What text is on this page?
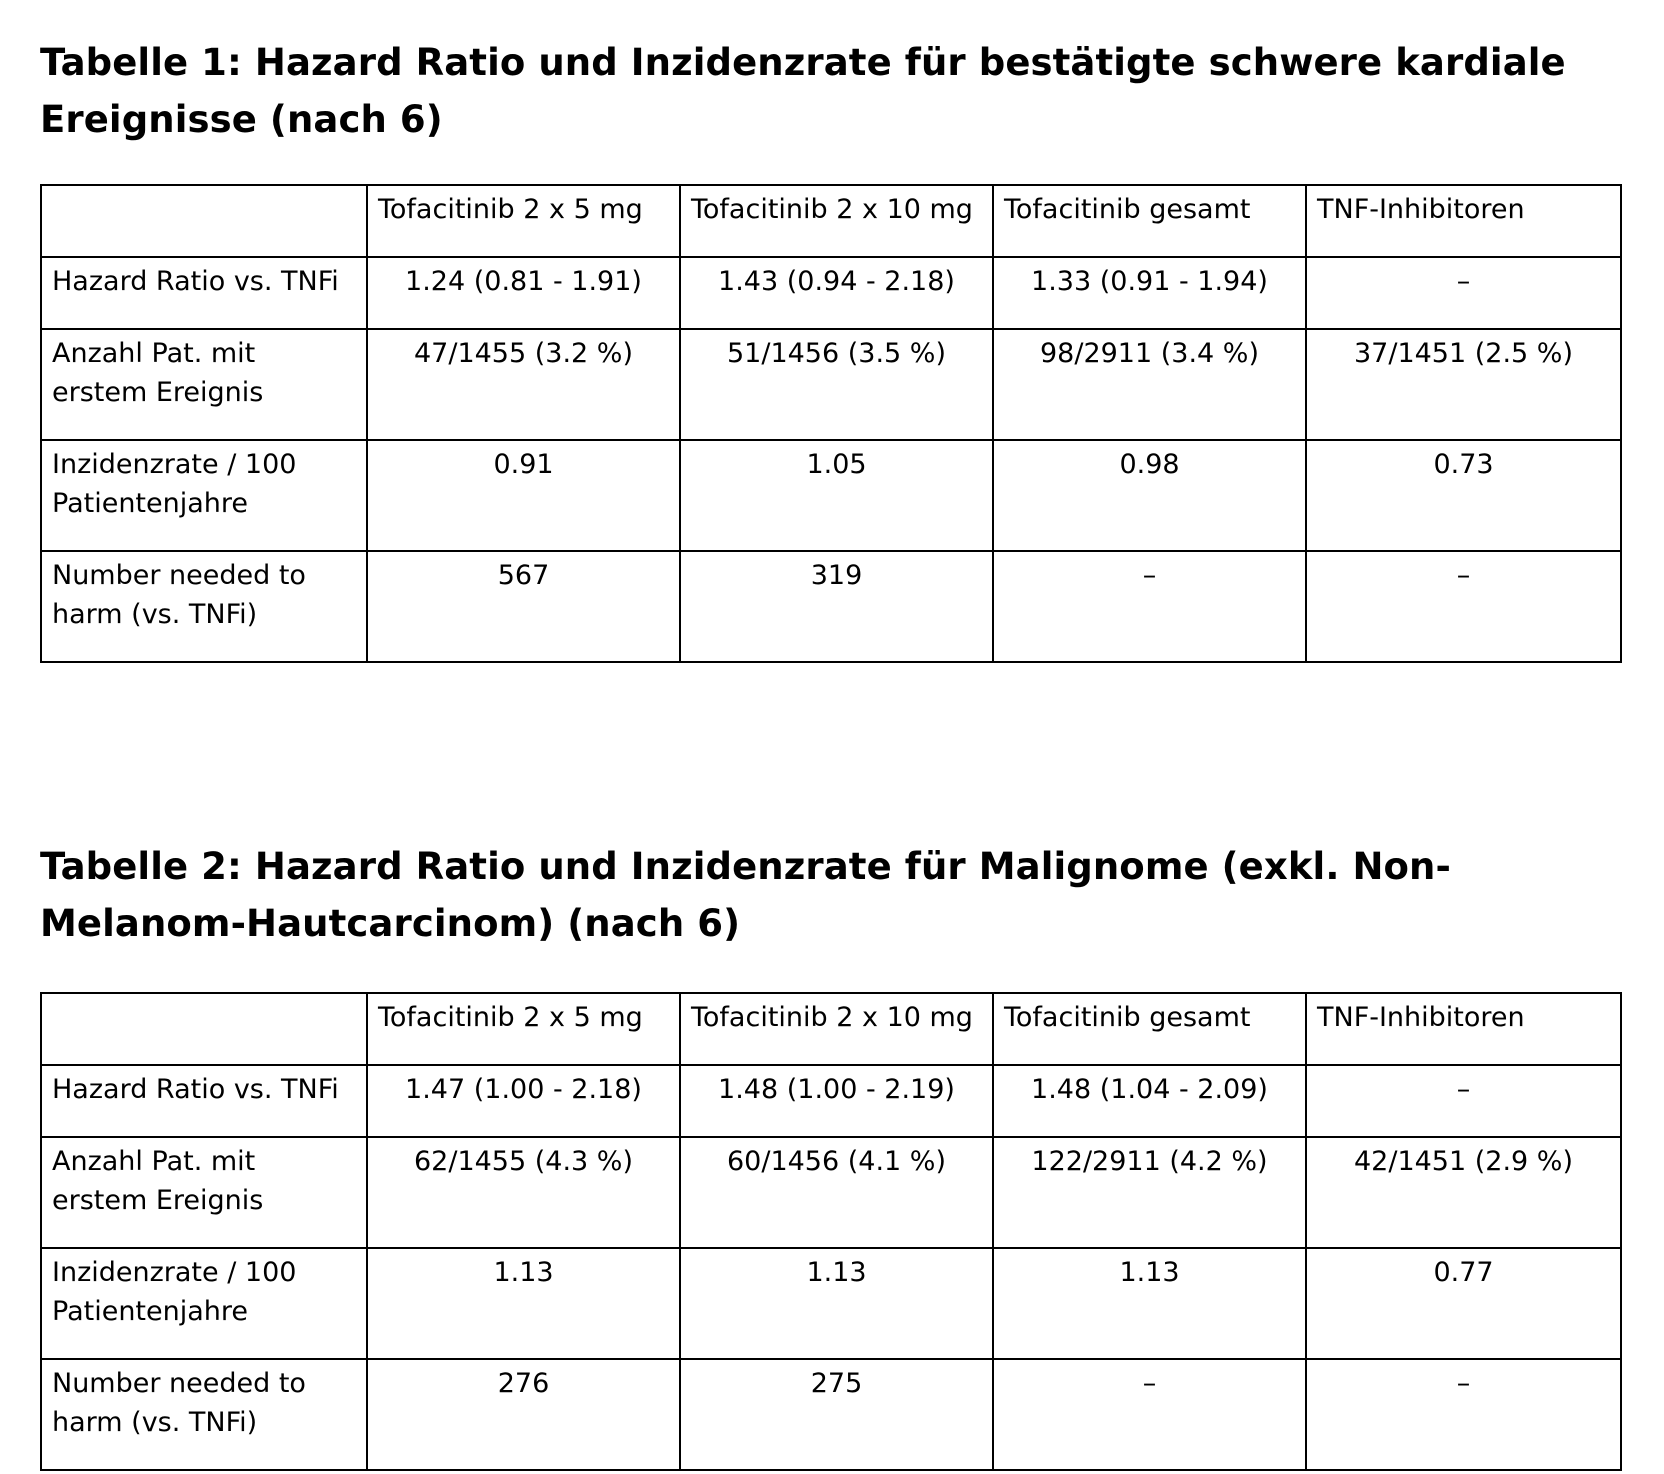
Tabelle 1: Hazard Ratio und Inzidenzrate für bestätigte schwere kardiale Ereignisse (nach 6)
	Tofacitinib 2 x 5 mg	Tofacitinib 2 x 10 mg	Tofacitinib gesamt	TNF-Inhibitoren
Hazard Ratio vs. TNFi	1.24 (0.81 - 1.91)	1.43 (0.94 - 2.18)	1.33 (0.91 - 1.94)	–
Anzahl Pat. mit erstem Ereignis	47/1455 (3.2 %)	51/1456 (3.5 %)	98/2911 (3.4 %)	37/1451 (2.5 %)
Inzidenzrate / 100 Patientenjahre	0.91	1.05	0.98	0.73
Number needed to harm (vs. TNFi)	567	319	–	–
Tabelle 2: Hazard Ratio und Inzidenzrate für Malignome (exkl. Non-Melanom-Hautcarcinom) (nach 6)
	Tofacitinib 2 x 5 mg	Tofacitinib 2 x 10 mg	Tofacitinib gesamt	TNF-Inhibitoren
Hazard Ratio vs. TNFi	1.47 (1.00 - 2.18)	1.48 (1.00 - 2.19)	1.48 (1.04 - 2.09)	–
Anzahl Pat. mit erstem Ereignis	62/1455 (4.3 %)	60/1456 (4.1 %)	122/2911 (4.2 %)	42/1451 (2.9 %)
Inzidenzrate / 100 Patientenjahre	1.13	1.13	1.13	0.77
Number needed to harm (vs. TNFi)	276	275	–	–
